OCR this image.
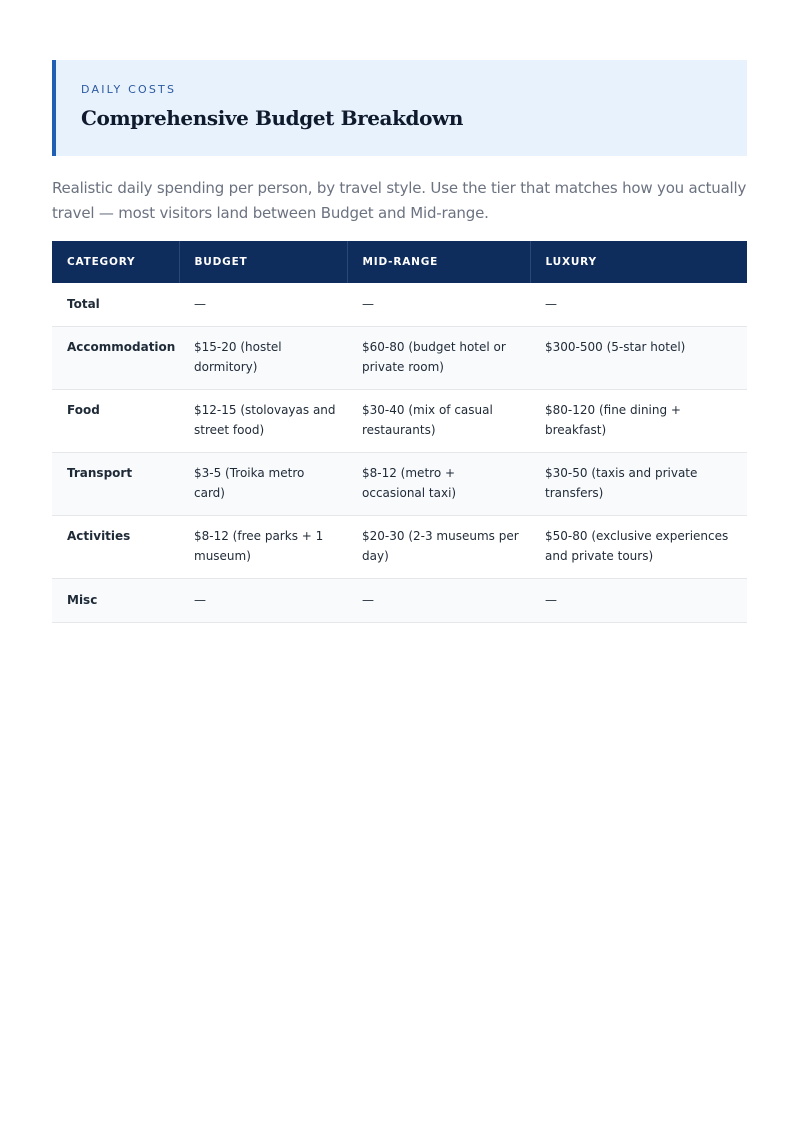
DAILY COSTS
Comprehensive Budget Breakdown

Realistic daily spending per person, by travel style. Use the tier that matches how you actually travel — most visitors land between Budget and Mid-range.

CATEGORY	BUDGET	MID-RANGE	LUXURY
Total	—	—	—
Accommodation	$15-20 (hostel dormitory)	$60-80 (budget hotel or private room)	$300-500 (5-star hotel)
Food	$12-15 (stolovayas and street food)	$30-40 (mix of casual restaurants)	$80-120 (fine dining + breakfast)
Transport	$3-5 (Troika metro card)	$8-12 (metro + occasional taxi)	$30-50 (taxis and private transfers)
Activities	$8-12 (free parks + 1 museum)	$20-30 (2-3 museums per day)	$50-80 (exclusive experiences and private tours)
Misc	—	—	—
